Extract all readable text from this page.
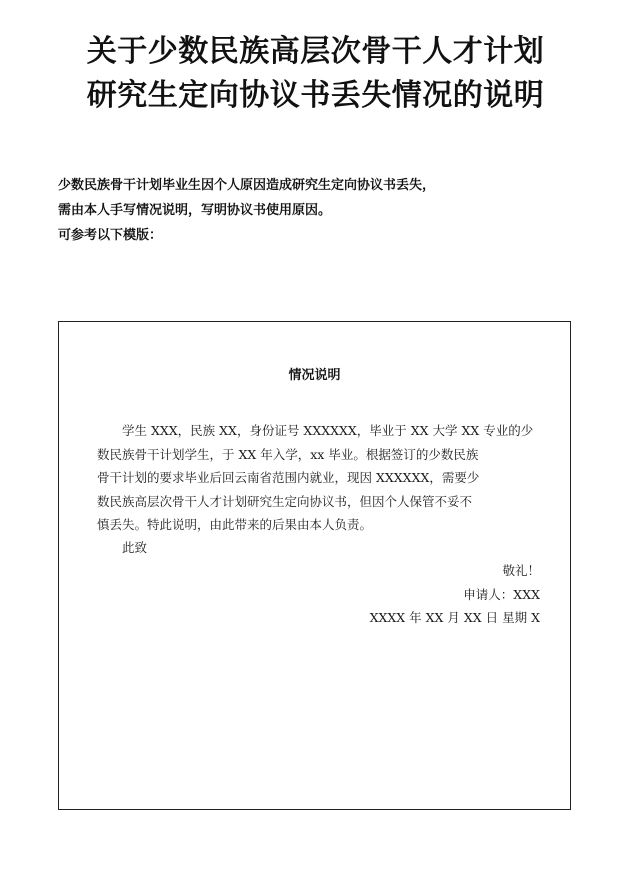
关于少数民族高层次骨干人才计划
研究生定向协议书丢失情况的说明
少数民族骨干计划毕业生因个人原因造成研究生定向协议书丢失，
需由本人手写情况说明，写明协议书使用原因。
可参考以下模版：
情况说明
学生 XXX，民族 XX，身份证号 XXXXXX，毕业于 XX 大学 XX 专业的少
数民族骨干计划学生，于 XX 年入学，xx 毕业。根据签订的少数民族
骨干计划的要求毕业后回云南省范围内就业，现因 XXXXXX，需要少
数民族高层次骨干人才计划研究生定向协议书，但因个人保管不妥不
慎丢失。特此说明，由此带来的后果由本人负责。
此致
敬礼！
申请人：XXX
XXXX 年 XX 月 XX 日 星期 X
